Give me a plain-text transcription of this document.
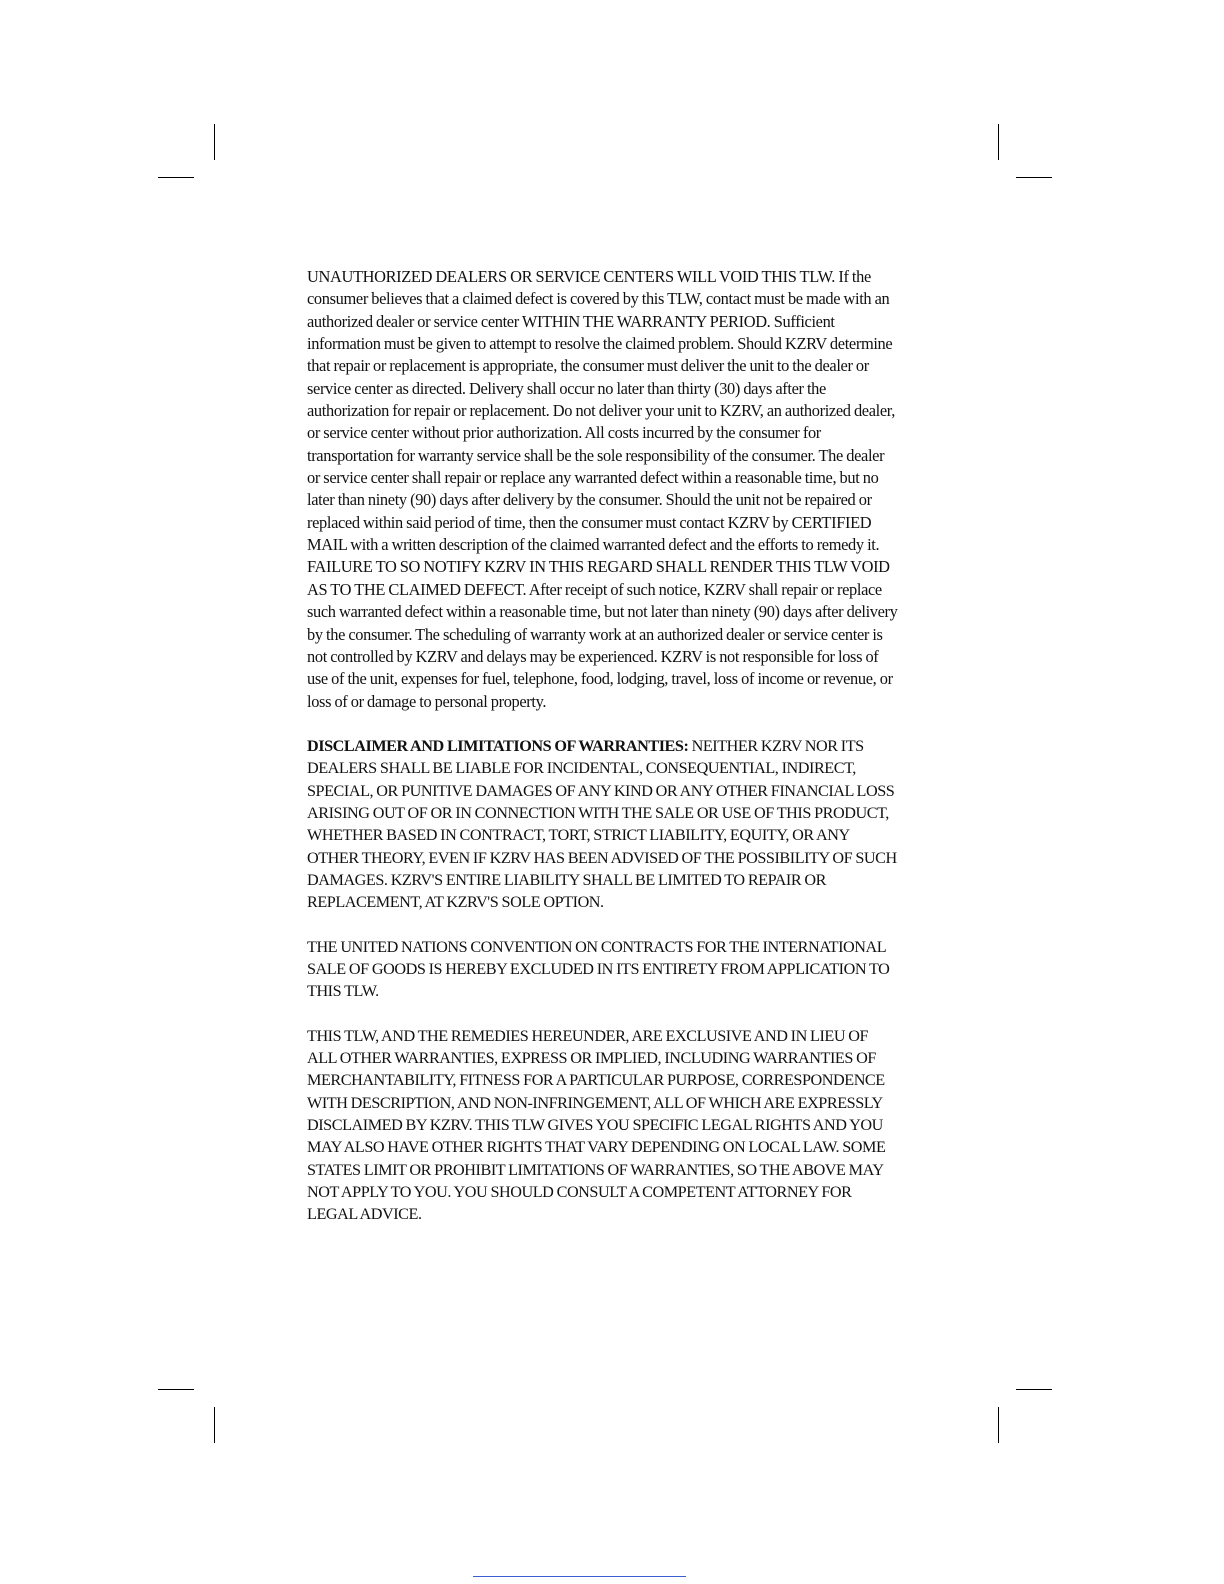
UNAUTHORIZED DEALERS OR SERVICE CENTERS WILL VOID THIS TLW. If the consumer believes that a claimed defect is covered by this TLW, contact must be made with an authorized dealer or service center WITHIN THE WARRANTY PERIOD. Sufficient information must be given to attempt to resolve the claimed problem. Should KZRV determine that repair or replacement is appropriate, the consumer must deliver the unit to the dealer or service center as directed. Delivery shall occur no later than thirty (30) days after the authorization for repair or replacement. Do not deliver your unit to KZRV, an authorized dealer, or service center without prior authorization. All costs incurred by the consumer for transportation for warranty service shall be the sole responsibility of the consumer. The dealer or service center shall repair or replace any warranted defect within a reasonable time, but no later than ninety (90) days after delivery by the consumer. Should the unit not be repaired or replaced within said period of time, then the consumer must contact KZRV by CERTIFIED MAIL with a written description of the claimed warranted defect and the efforts to remedy it. FAILURE TO SO NOTIFY KZRV IN THIS REGARD SHALL RENDER THIS TLW VOID AS TO THE CLAIMED DEFECT. After receipt of such notice, KZRV shall repair or replace such warranted defect within a reasonable time, but not later than ninety (90) days after delivery by the consumer. The scheduling of warranty work at an authorized dealer or service center is not controlled by KZRV and delays may be experienced. KZRV is not responsible for loss of use of the unit, expenses for fuel, telephone, food, lodging, travel, loss of income or revenue, or loss of or damage to personal property.

DISCLAIMER AND LIMITATIONS OF WARRANTIES: NEITHER KZRV NOR ITS DEALERS SHALL BE LIABLE FOR INCIDENTAL, CONSEQUENTIAL, INDIRECT, SPECIAL, OR PUNITIVE DAMAGES OF ANY KIND OR ANY OTHER FINANCIAL LOSS ARISING OUT OF OR IN CONNECTION WITH THE SALE OR USE OF THIS PRODUCT, WHETHER BASED IN CONTRACT, TORT, STRICT LIABILITY, EQUITY, OR ANY OTHER THEORY, EVEN IF KZRV HAS BEEN ADVISED OF THE POSSIBILITY OF SUCH DAMAGES. KZRV'S ENTIRE LIABILITY SHALL BE LIMITED TO REPAIR OR REPLACEMENT, AT KZRV'S SOLE OPTION.

THE UNITED NATIONS CONVENTION ON CONTRACTS FOR THE INTERNATIONAL SALE OF GOODS IS HEREBY EXCLUDED IN ITS ENTIRETY FROM APPLICATION TO THIS TLW.

THIS TLW, AND THE REMEDIES HEREUNDER, ARE EXCLUSIVE AND IN LIEU OF ALL OTHER WARRANTIES, EXPRESS OR IMPLIED, INCLUDING WARRANTIES OF MERCHANTABILITY, FITNESS FOR A PARTICULAR PURPOSE, CORRESPONDENCE WITH DESCRIPTION, AND NON-INFRINGEMENT, ALL OF WHICH ARE EXPRESSLY DISCLAIMED BY KZRV. THIS TLW GIVES YOU SPECIFIC LEGAL RIGHTS AND YOU MAY ALSO HAVE OTHER RIGHTS THAT VARY DEPENDING ON LOCAL LAW. SOME STATES LIMIT OR PROHIBIT LIMITATIONS OF WARRANTIES, SO THE ABOVE MAY NOT APPLY TO YOU. YOU SHOULD CONSULT A COMPETENT ATTORNEY FOR LEGAL ADVICE.
